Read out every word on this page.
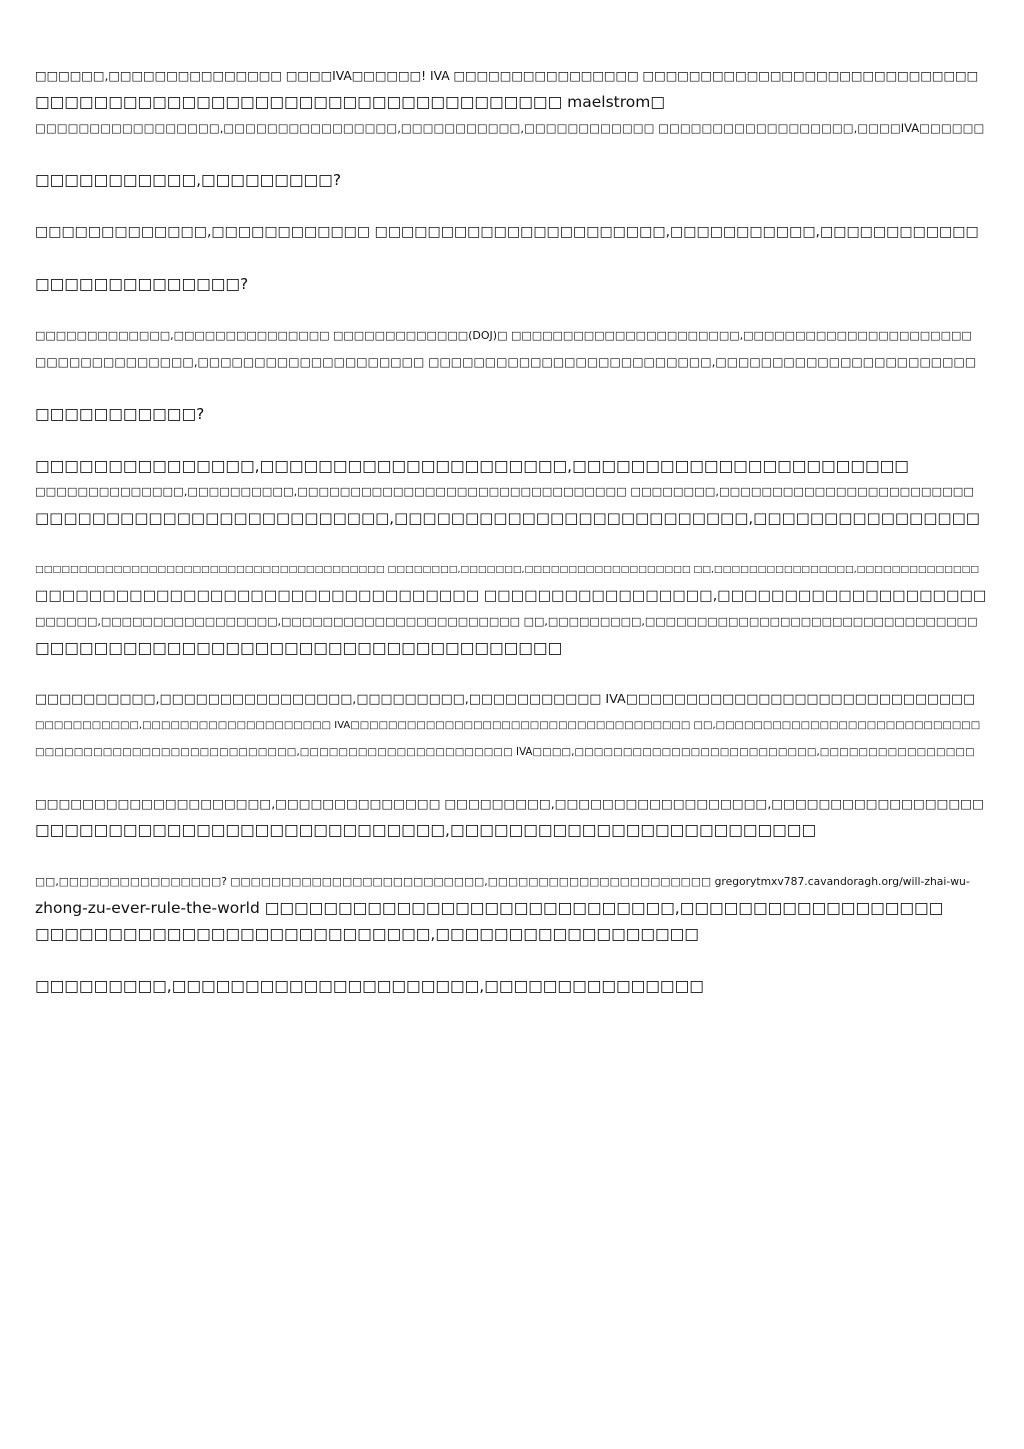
□□□□□□,□□□□□□□□□□□□□□□ □□□□IVA□□□□□□! IVA □□□□□□□□□□□□□□□□ □□□□□□□□□□□□□□□□□□□□□□□□□□□□□
□□□□□□□□□□□□□□□□□□□□□□□□□□□□□□□□□□□□ maelstrom□
□□□□□□□□□□□□□□□□□,□□□□□□□□□□□□□□□□,□□□□□□□□□□□,□□□□□□□□□□□□ □□□□□□□□□□□□□□□□□□,□□□□IVA□□□□□□

□□□□□□□□□□□,□□□□□□□□□?

□□□□□□□□□□□□□,□□□□□□□□□□□□ □□□□□□□□□□□□□□□□□□□□□□,□□□□□□□□□□□,□□□□□□□□□□□□

□□□□□□□□□□□□□□?

□□□□□□□□□□□□□,□□□□□□□□□□□□□□□ □□□□□□□□□□□□□(DOJ)□ □□□□□□□□□□□□□□□□□□□□□□,□□□□□□□□□□□□□□□□□□□□□□
□□□□□□□□□□□□□□,□□□□□□□□□□□□□□□□□□□□ □□□□□□□□□□□□□□□□□□□□□□□□□,□□□□□□□□□□□□□□□□□□□□□□□

□□□□□□□□□□□?

□□□□□□□□□□□□□□□,□□□□□□□□□□□□□□□□□□□□□,□□□□□□□□□□□□□□□□□□□□□□□
□□□□□□□□□□□□□□,□□□□□□□□□□,□□□□□□□□□□□□□□□□□□□□□□□□□□□□□□□ □□□□□□□□,□□□□□□□□□□□□□□□□□□□□□□□□
□□□□□□□□□□□□□□□□□□□□□□□□□,□□□□□□□□□□□□□□□□□□□□□□□□□,□□□□□□□□□□□□□□□□

□□□□□□□□□□□□□□□□□□□□□□□□□□□□□□□□□□□□□□□□ □□□□□□□□,□□□□□□□,□□□□□□□□□□□□□□□□□□□ □□,□□□□□□□□□□□□□□□□,□□□□□□□□□□□□□□
□□□□□□□□□□□□□□□□□□□□□□□□□□□□□□□□□ □□□□□□□□□□□□□□□□□,□□□□□□□□□□□□□□□□□□□□
□□□□□□,□□□□□□□□□□□□□□□□□,□□□□□□□□□□□□□□□□□□□□□□□ □□,□□□□□□□□□,□□□□□□□□□□□□□□□□□□□□□□□□□□□□□□□□
□□□□□□□□□□□□□□□□□□□□□□□□□□□□□□□□□□□□

□□□□□□□□□□,□□□□□□□□□□□□□□□□,□□□□□□□□□,□□□□□□□□□□□ IVA□□□□□□□□□□□□□□□□□□□□□□□□□□□□□
□□□□□□□□□□□,□□□□□□□□□□□□□□□□□□□□ IVA□□□□□□□□□□□□□□□□□□□□□□□□□□□□□□□□□□□□ □□,□□□□□□□□□□□□□□□□□□□□□□□□□□□□
□□□□□□□□□□□□□□□□□□□□□□□□□□□,□□□□□□□□□□□□□□□□□□□□□□ IVA□□□□,□□□□□□□□□□□□□□□□□□□□□□□□□,□□□□□□□□□□□□□□□□

□□□□□□□□□□□□□□□□□□□□,□□□□□□□□□□□□□□ □□□□□□□□□,□□□□□□□□□□□□□□□□□□,□□□□□□□□□□□□□□□□□□
□□□□□□□□□□□□□□□□□□□□□□□□□□□□,□□□□□□□□□□□□□□□□□□□□□□□□□

□□,□□□□□□□□□□□□□□□□? □□□□□□□□□□□□□□□□□□□□□□□□□,□□□□□□□□□□□□□□□□□□□□□□ gregorytmxv787.cavandoragh.org/will-zhai-wu-
zhong-zu-ever-rule-the-world □□□□□□□□□□□□□□□□□□□□□□□□□□□□,□□□□□□□□□□□□□□□□□□
□□□□□□□□□□□□□□□□□□□□□□□□□□□,□□□□□□□□□□□□□□□□□□

□□□□□□□□□,□□□□□□□□□□□□□□□□□□□□□,□□□□□□□□□□□□□□□
